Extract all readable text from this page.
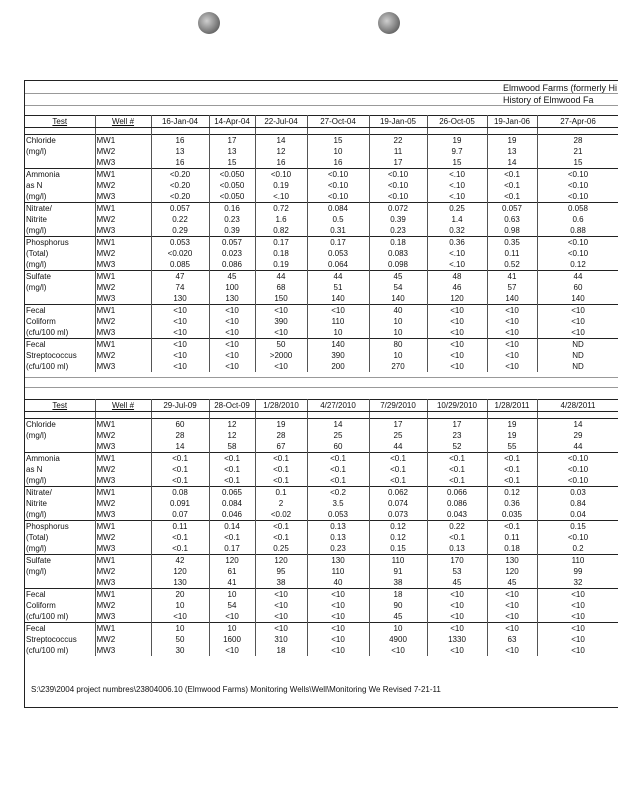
Elmwood Farms (formerly Hi
History of Elmwood Fa
Test	Well #	16-Jan-04	14-Apr-04	22-Jul-04	27-Oct-04	19-Jan-05	26-Oct-05	19-Jan-06	27-Apr-06

Chloride	MW1	16	17	14	15	22	19	19	28
(mg/l)	MW2	13	13	12	10	11	9.7	13	21
	MW3	16	15	16	16	17	15	14	15
Ammonia	MW1	<0.20	<0.050	<0.10	<0.10	<0.10	<.10	<0.1	<0.10
as N	MW2	<0.20	<0.050	0.19	<0.10	<0.10	<.10	<0.1	<0.10
(mg/l)	MW3	<0.20	<0.050	<.10	<0.10	<0.10	<.10	<0.1	<0.10
Nitrate/	MW1	0.057	0.16	0.72	0.084	0.072	0.25	0.057	0.058
Nitrite	MW2	0.22	0.23	1.6	0.5	0.39	1.4	0.63	0.6
(mg/l)	MW3	0.29	0.39	0.82	0.31	0.23	0.32	0.98	0.88
Phosphorus	MW1	0.053	0.057	0.17	0.17	0.18	0.36	0.35	<0.10
(Total)	MW2	<0.020	0.023	0.18	0.053	0.083	<.10	0.11	<0.10
(mg/l)	MW3	0.085	0.086	0.19	0.064	0.098	<.10	0.52	0.12
Sulfate	MW1	47	45	44	44	45	48	41	44
(mg/l)	MW2	74	100	68	51	54	46	57	60
	MW3	130	130	150	140	140	120	140	140
Fecal	MW1	<10	<10	<10	<10	40	<10	<10	<10
Coliform	MW2	<10	<10	390	110	10	<10	<10	<10
(cfu/100 ml)	MW3	<10	<10	<10	10	10	<10	<10	<10
Fecal	MW1	<10	<10	50	140	80	<10	<10	ND
Streptococcus	MW2	<10	<10	>2000	390	10	<10	<10	ND
(cfu/100 ml)	MW3	<10	<10	<10	200	270	<10	<10	ND
Test	Well #	29-Jul-09	28-Oct-09	1/28/2010	4/27/2010	7/29/2010	10/29/2010	1/28/2011	4/28/2011

Chloride	MW1	60	12	19	14	17	17	19	14
(mg/l)	MW2	28	12	28	25	25	23	19	29
	MW3	14	58	67	60	44	52	55	44
Ammonia	MW1	<0.1	<0.1	<0.1	<0.1	<0.1	<0.1	<0.1	<0.10
as N	MW2	<0.1	<0.1	<0.1	<0.1	<0.1	<0.1	<0.1	<0.10
(mg/l)	MW3	<0.1	<0.1	<0.1	<0.1	<0.1	<0.1	<0.1	<0.10
Nitrate/	MW1	0.08	0.065	0.1	<0.2	0.062	0.066	0.12	0.03
Nitrite	MW2	0.091	0.084	2	3.5	0.074	0.086	0.36	0.84
(mg/l)	MW3	0.07	0.046	<0.02	0.053	0.073	0.043	0.035	0.04
Phosphorus	MW1	0.11	0.14	<0.1	0.13	0.12	0.22	<0.1	0.15
(Total)	MW2	<0.1	<0.1	<0.1	0.13	0.12	<0.1	0.11	<0.10
(mg/l)	MW3	<0.1	0.17	0.25	0.23	0.15	0.13	0.18	0.2
Sulfate	MW1	42	120	120	130	110	170	130	110
(mg/l)	MW2	120	61	95	110	91	53	120	99
	MW3	130	41	38	40	38	45	45	32
Fecal	MW1	20	10	<10	<10	18	<10	<10	<10
Coliform	MW2	10	54	<10	<10	90	<10	<10	<10
(cfu/100 ml)	MW3	<10	<10	<10	<10	45	<10	<10	<10
Fecal	MW1	10	10	<10	<10	10	<10	<10	<10
Streptococcus	MW2	50	1600	310	<10	4900	1330	63	<10
(cfu/100 ml)	MW3	30	<10	18	<10	<10	<10	<10	<10
S:\239\2004 project numbres\23804006.10 (Elmwood Farms) Monitoring Wells\Well\Monitoring We Revised 7-21-11
